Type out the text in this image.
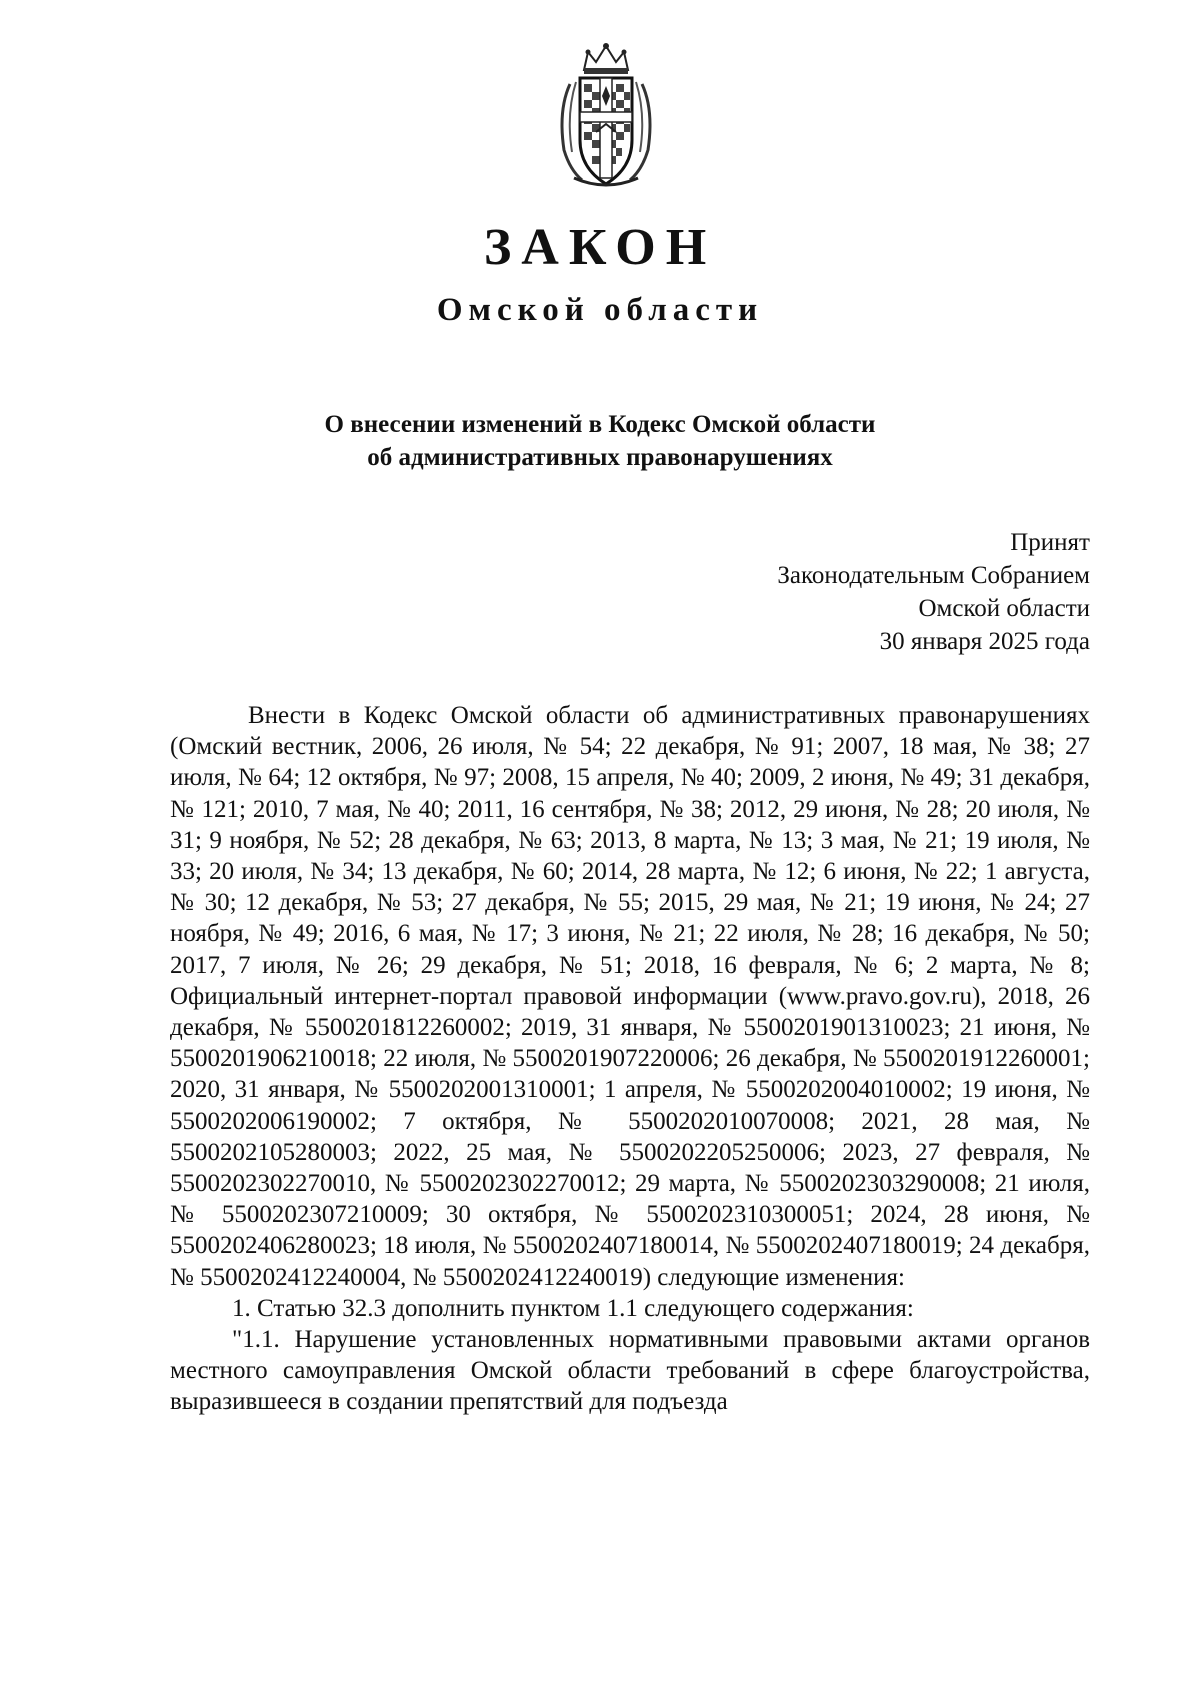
ЗАКОН
Омской области
О внесении изменений в Кодекс Омской области
об административных правонарушениях
Принят
Законодательным Собранием
Омской области
30 января 2025 года

Внести в Кодекс Омской области об административных правонарушениях (Омский вестник, 2006, 26 июля, № 54; 22 декабря, № 91; 2007, 18 мая, № 38; 27 июля, № 64; 12 октября, № 97; 2008, 15 апреля, № 40; 2009, 2 июня, № 49; 31 декабря, № 121; 2010, 7 мая, № 40; 2011, 16 сентября, № 38; 2012, 29 июня, № 28; 20 июля, № 31; 9 ноября, № 52; 28 декабря, № 63; 2013, 8 марта, № 13; 3 мая, № 21; 19 июля, № 33; 20 июля, № 34; 13 декабря, № 60; 2014, 28 марта, № 12; 6 июня, № 22; 1 августа, № 30; 12 декабря, № 53; 27 декабря, № 55; 2015, 29 мая, № 21; 19 июня, № 24; 27 ноября, № 49; 2016, 6 мая, № 17; 3 июня, № 21; 22 июля, № 28; 16 декабря, № 50; 2017, 7 июля, № 26; 29 декабря, № 51; 2018, 16 февраля, № 6; 2 марта, № 8; Официальный интернет-портал правовой информации (www.pravo.gov.ru), 2018, 26 декабря, № 5500201812260002; 2019, 31 января, № 5500201901310023; 21 июня, № 5500201906210018; 22 июля, № 5500201907220006; 26 декабря, № 5500201912260001; 2020, 31 января, № 5500202001310001; 1 апреля, № 5500202004010002; 19 июня, № 5500202006190002; 7 октября, № 5500202010070008; 2021, 28 мая, № 5500202105280003; 2022, 25 мая, № 5500202205250006; 2023, 27 февраля, № 5500202302270010, № 5500202302270012; 29 марта, № 5500202303290008; 21 июля, № 5500202307210009; 30 октября, № 5500202310300051; 2024, 28 июня, № 5500202406280023; 18 июля, № 5500202407180014, № 5500202407180019; 24 декабря, № 5500202412240004, № 5500202412240019) следующие изменения:

1. Статью 32.3 дополнить пунктом 1.1 следующего содержания:

"1.1. Нарушение установленных нормативными правовыми актами органов местного самоуправления Омской области требований в сфере благоустройства, выразившееся в создании препятствий для подъезда
